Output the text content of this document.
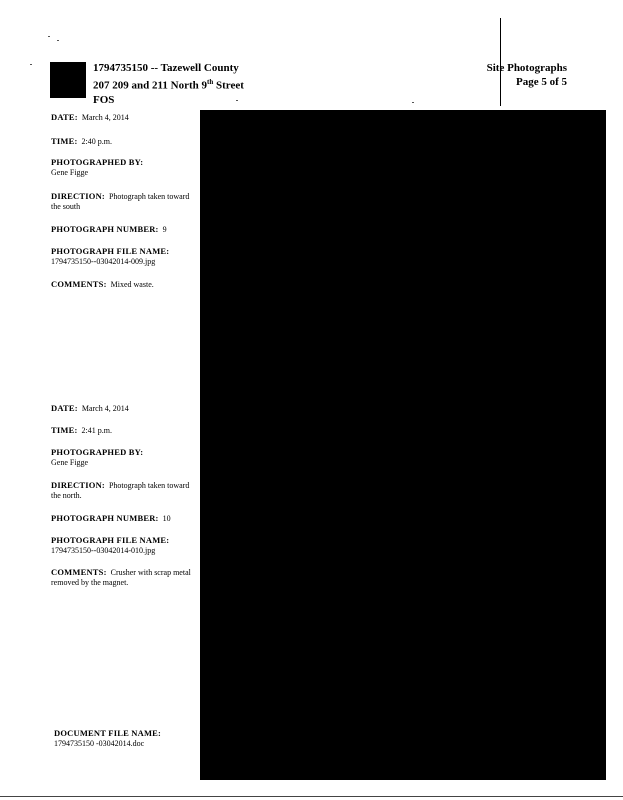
1794735150 -- Tazewell County
207 209 and 211 North 9th Street
FOS
Site Photographs
Page 5 of 5
DATE: March 4, 2014
TIME: 2:40 p.m.
PHOTOGRAPHED BY:
Gene Figge
DIRECTION: Photograph taken toward the south
PHOTOGRAPH NUMBER: 9
PHOTOGRAPH FILE NAME:
1794735150--03042014-009.jpg
COMMENTS: Mixed waste.
DATE: March 4, 2014
TIME: 2:41 p.m.
PHOTOGRAPHED BY:
Gene Figge
DIRECTION: Photograph taken toward the north.
PHOTOGRAPH NUMBER: 10
PHOTOGRAPH FILE NAME:
1794735150--03042014-010.jpg
COMMENTS: Crusher with scrap metal removed by the magnet.
DOCUMENT FILE NAME:
1794735150 -03042014.doc
